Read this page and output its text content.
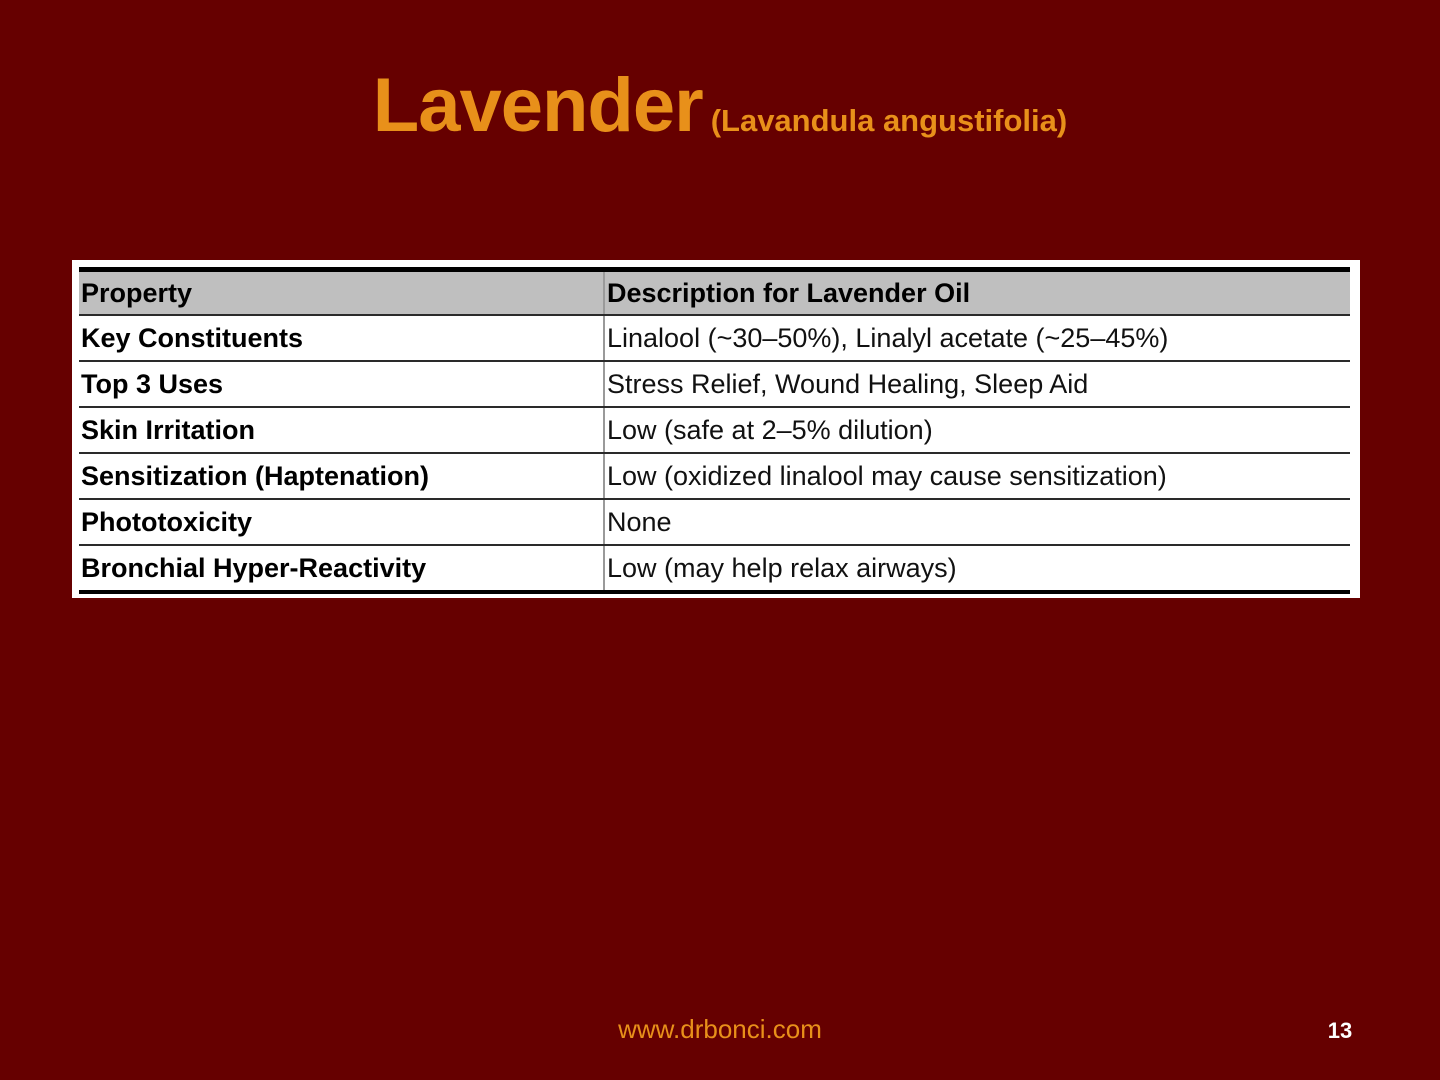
Lavender (Lavandula angustifolia)
Property	Description for Lavender Oil
Key Constituents	Linalool (~30–50%), Linalyl acetate (~25–45%)
Top 3 Uses	Stress Relief, Wound Healing, Sleep Aid
Skin Irritation	Low (safe at 2–5% dilution)
Sensitization (Haptenation)	Low (oxidized linalool may cause sensitization)
Phototoxicity	None
Bronchial Hyper-Reactivity	Low (may help relax airways)
www.drbonci.com	13
